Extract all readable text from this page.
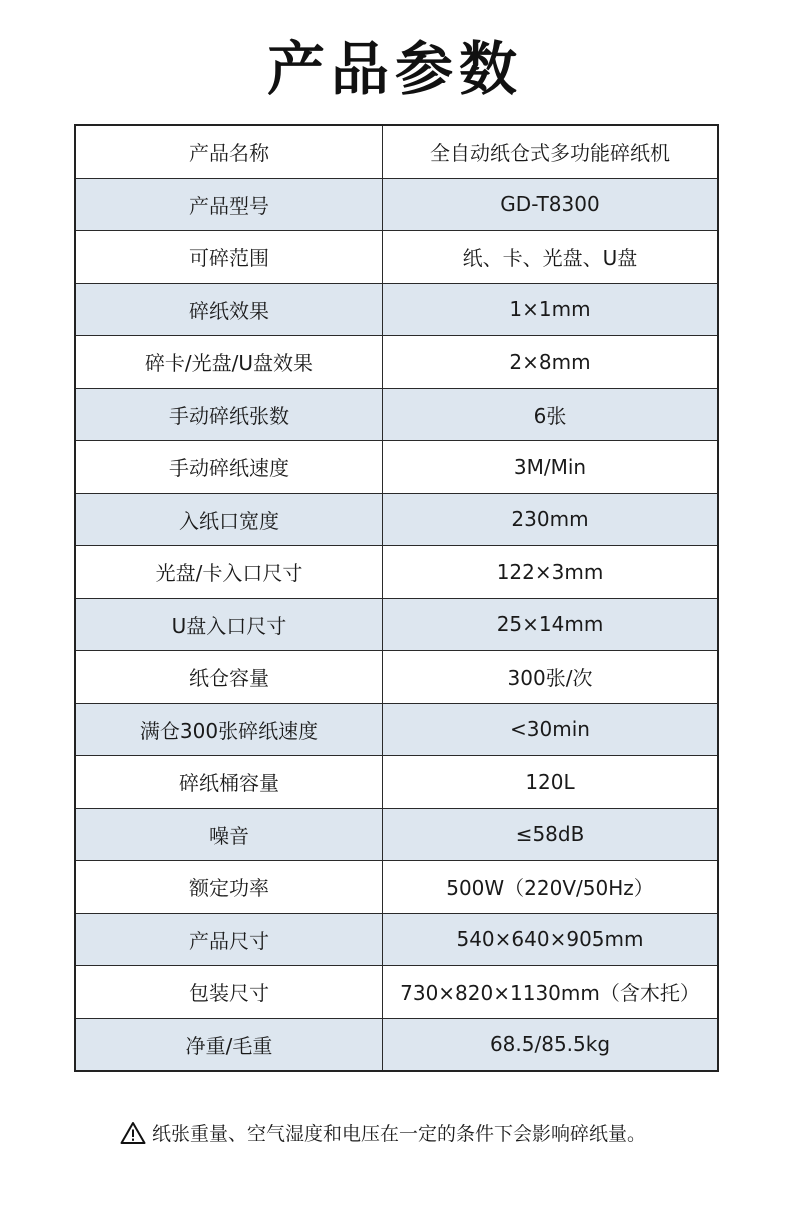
产品参数
产品名称	全自动纸仓式多功能碎纸机
产品型号	GD-T8300
可碎范围	纸、卡、光盘、U盘
碎纸效果	1×1mm
碎卡/光盘/U盘效果	2×8mm
手动碎纸张数	6张
手动碎纸速度	3M/Min
入纸口宽度	230mm
光盘/卡入口尺寸	122×3mm
U盘入口尺寸	25×14mm
纸仓容量	300张/次
满仓300张碎纸速度	<30min
碎纸桶容量	120L
噪音	≤58dB
额定功率	500W（220V/50Hz）
产品尺寸	540×640×905mm
包装尺寸	730×820×1130mm（含木托）
净重/毛重	68.5/85.5kg
纸张重量、空气湿度和电压在一定的条件下会影响碎纸量。
